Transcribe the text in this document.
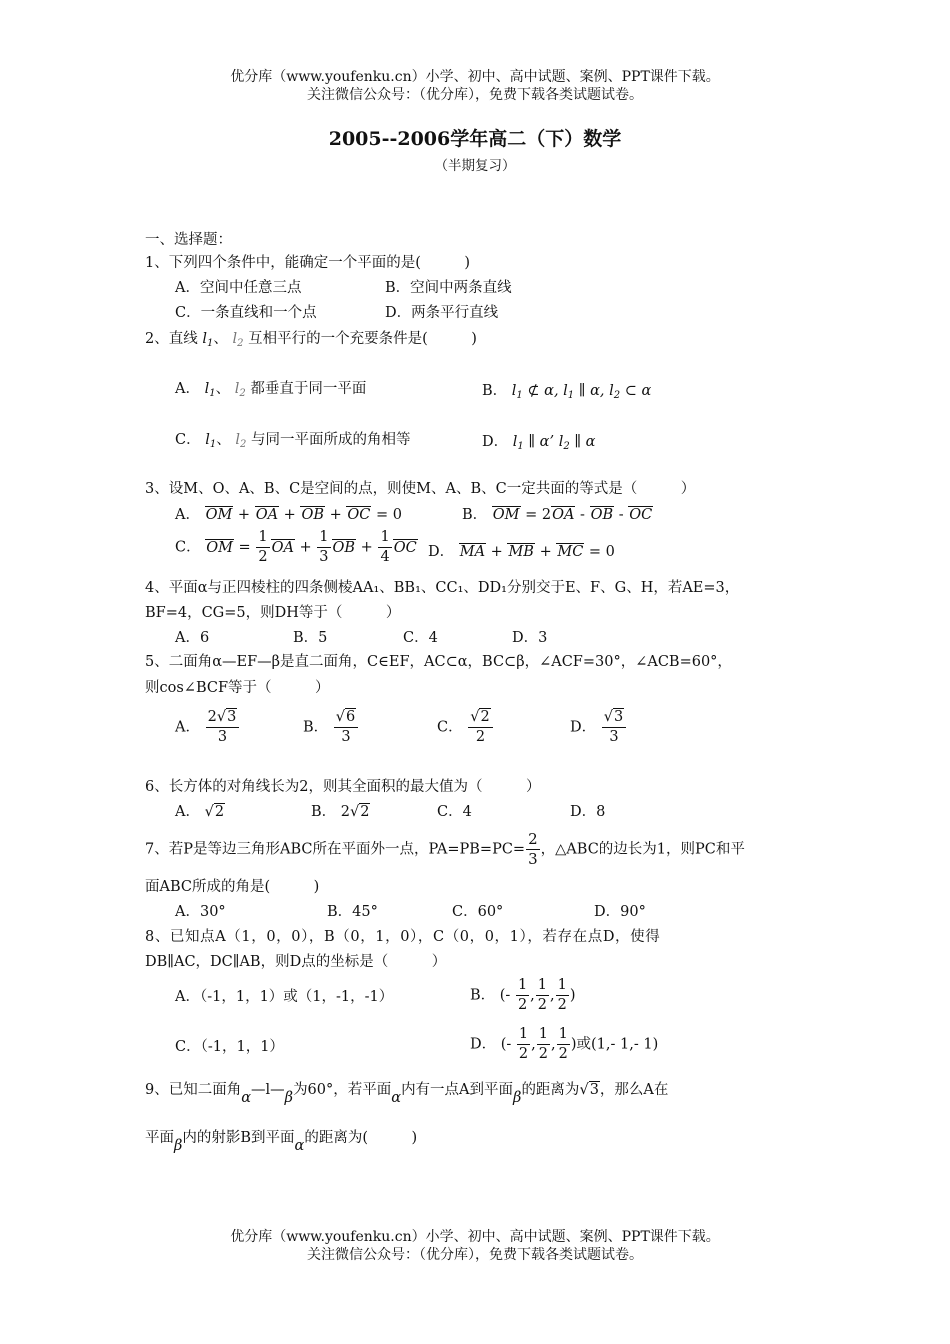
优分库（www.youfenku.cn）小学、初中、高中试题、案例、PPT课件下载。
关注微信公众号：（优分库），免费下载各类试题试卷。
2005--2006学年高二（下）数学
（半期复习）
一、选择题：
1、下列四个条件中，能确定一个平面的是(　　　)
A．空间中任意三点	B．空间中两条直线
C．一条直线和一个点	D．两条平行直线
2、直线 $l_1$、 $l_2$ 互相平行的一个充要条件是(　　　)
A． $l_1$、 $l_2$ 都垂直于同一平面	B． $l_1$ ⊄ α, $l_1$ ∥ α, $l_2$ ⊂ α
C． $l_1$、 $l_2$ 与同一平面所成的角相等	D． $l_1$ ∥ α’ $l_2$ ∥ α
3、设M、O、A、B、C是空间的点，则使M、A、B、C一定共面的等式是（　　　）
A． OM + OA + OB + OC = 0	B． OM = 2OA - OB - OC
C． OM = $\frac{1}{2}$ OA + $\frac{1}{3}$ OB + $\frac{1}{4}$ OC D． MA + MB + MC = 0
4、平面α与正四棱柱的四条侧棱AA₁、BB₁、CC₁、DD₁分别交于E、F、G、H，若AE=3，
BF=4，CG=5，则DH等于（　　　）
A．6	B．5	C．4	D．3
5、二面角α—EF—β是直二面角，C∈EF，AC⊂α，BC⊂β，∠ACF=30°，∠ACB=60°，
则cos∠BCF等于（　　　）
A． $\frac{2√3}{3}$	B． $\frac{√6}{3}$	C． $\frac{√2}{2}$	D． $\frac{√3}{3}$
6、长方体的对角线长为2，则其全面积的最大值为（　　　）
A． √2	B． 2√2	C．4	D．8
7、若P是等边三角形ABC所在平面外一点，$PA=PB=PC= \frac{2}{3}$ ，△ABC的边长为1，则PC和平
面ABC所成的角是(　　　)
A．30°	B．45°	C．60°	D．90°
8、已知点A（1，0，0），B（0，1，0），C（0，0，1），若存在点D，使得
DB∥AC，DC∥AB，则D点的坐标是（　　　）
A．（-1，1，1）或（1，-1，-1）	B． (- $\frac{1}{2}$ , $\frac{1}{2}$ , $\frac{1}{2}$ )
C．（-1，1，1）	D． (- $\frac{1}{2}$ , $\frac{1}{2}$ , $\frac{1}{2}$ )或(1,- 1,- 1)
9、已知二面角α—l—β为60°，若平面α内有一点A到平面β的距离为√3，那么A在
平面β内的射影B到平面α的距离为(　　　)
优分库（www.youfenku.cn）小学、初中、高中试题、案例、PPT课件下载。
关注微信公众号：（优分库），免费下载各类试题试卷。
